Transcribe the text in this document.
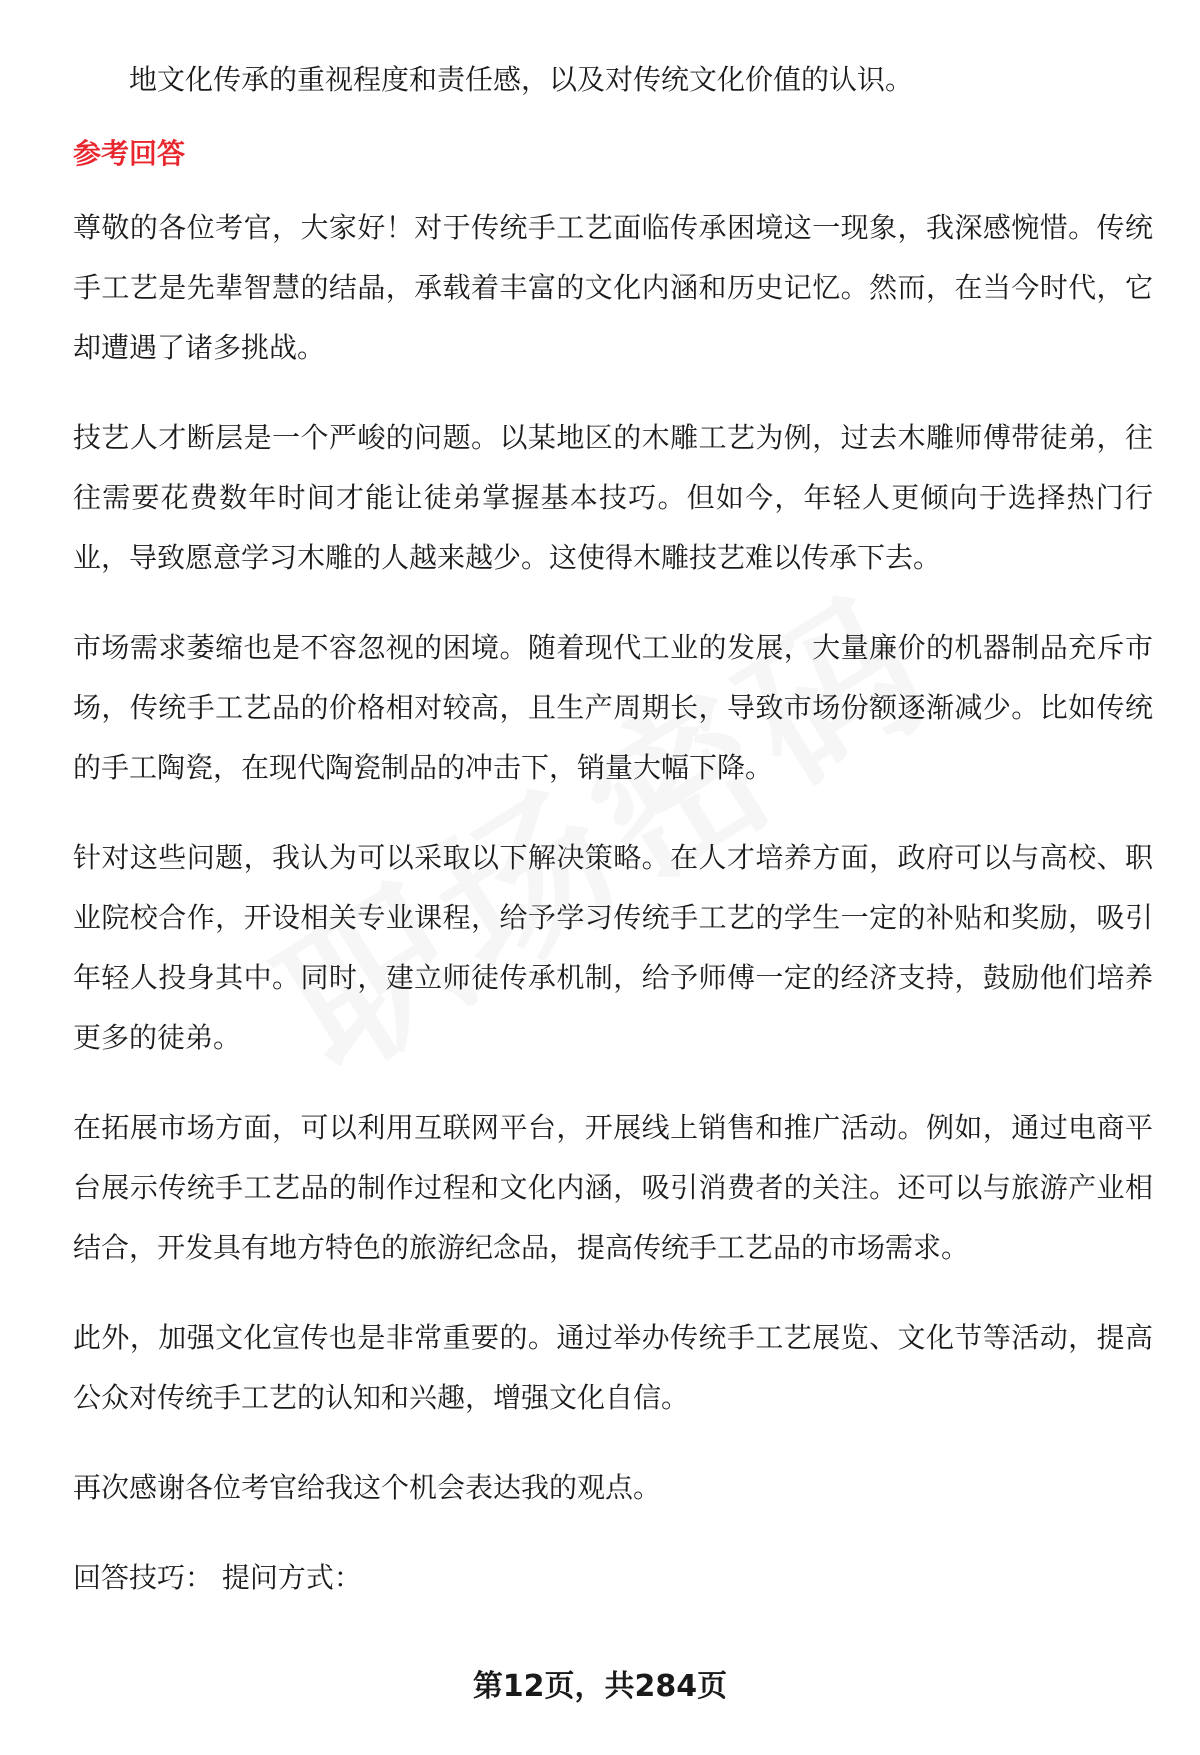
地文化传承的重视程度和责任感，以及对传统文化价值的认识。

参考回答

尊敬的各位考官，大家好！对于传统手工艺面临传承困境这一现象，我深感惋惜。传统手工艺是先辈智慧的结晶，承载着丰富的文化内涵和历史记忆。然而，在当今时代，它却遭遇了诸多挑战。

技艺人才断层是一个严峻的问题。以某地区的木雕工艺为例，过去木雕师傅带徒弟，往往需要花费数年时间才能让徒弟掌握基本技巧。但如今，年轻人更倾向于选择热门行业，导致愿意学习木雕的人越来越少。这使得木雕技艺难以传承下去。

市场需求萎缩也是不容忽视的困境。随着现代工业的发展，大量廉价的机器制品充斥市场，传统手工艺品的价格相对较高，且生产周期长，导致市场份额逐渐减少。比如传统的手工陶瓷，在现代陶瓷制品的冲击下，销量大幅下降。

针对这些问题，我认为可以采取以下解决策略。在人才培养方面，政府可以与高校、职业院校合作，开设相关专业课程，给予学习传统手工艺的学生一定的补贴和奖励，吸引年轻人投身其中。同时，建立师徒传承机制，给予师傅一定的经济支持，鼓励他们培养更多的徒弟。

在拓展市场方面，可以利用互联网平台，开展线上销售和推广活动。例如，通过电商平台展示传统手工艺品的制作过程和文化内涵，吸引消费者的关注。还可以与旅游产业相结合，开发具有地方特色的旅游纪念品，提高传统手工艺品的市场需求。

此外，加强文化宣传也是非常重要的。通过举办传统手工艺展览、文化节等活动，提高公众对传统手工艺的认知和兴趣，增强文化自信。

再次感谢各位考官给我这个机会表达我的观点。

回答技巧： 提问方式：

第12页，共284页
